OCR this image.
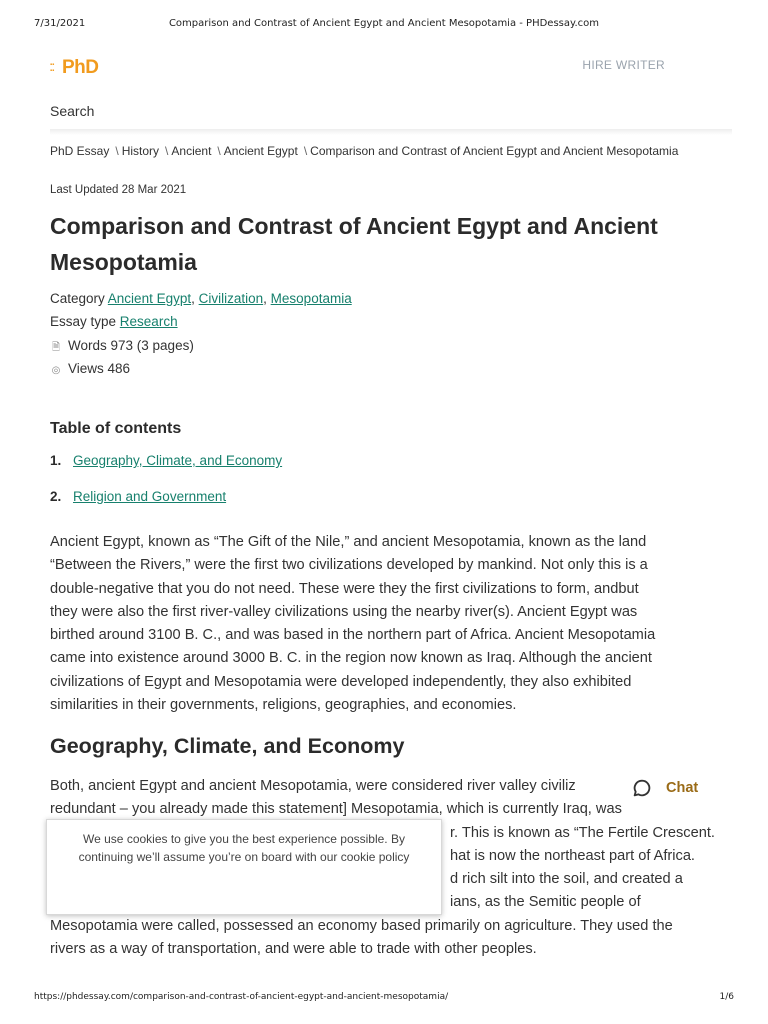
7/31/2021	Comparison and Contrast of Ancient Egypt and Ancient Mesopotamia - PHDessay.com
https://phdessay.com/comparison-and-contrast-of-ancient-egypt-and-ancient-mesopotamia/	1/6
▪▪
▪▪ PhD	HIRE WRITER
Search
PhD Essay \ History \ Ancient \ Ancient Egypt \ Comparison and Contrast of Ancient Egypt and Ancient Mesopotamia
Last Updated 28 Mar 2021
Comparison and Contrast of Ancient Egypt and Ancient Mesopotamia
Category Ancient Egypt, Civilization, Mesopotamia
Essay type Research
🗎 Words 973 (3 pages)
◎ Views 486
Table of contents
1. Geography, Climate, and Economy
2. Religion and Government
Ancient Egypt, known as “The Gift of the Nile,” and ancient Mesopotamia, known as the land
“Between the Rivers,” were the first two civilizations developed by mankind. Not only this is a
double-negative that you do not need. These were they the first civilizations to form, andbut
they were also the first river-valley civilizations using the nearby river(s). Ancient Egypt was
birthed around 3100 B. C., and was based in the northern part of Africa. Ancient Mesopotamia
came into existence around 3000 B. C. in the region now known as Iraq. Although the ancient
civilizations of Egypt and Mesopotamia were developed independently, they also exhibited
similarities in their governments, religions, geographies, and economies.
Geography, Climate, and Economy
Both, ancient Egypt and ancient Mesopotamia, were considered river valley civiliz
redundant – you already made this statement] Mesopotamia, which is currently Iraq, was
r. This is known as “The Fertile Crescent.
hat is now the northeast part of Africa.
d rich silt into the soil, and created a
ians, as the Semitic people of
Mesopotamia were called, possessed an economy based primarily on agriculture. They used the
rivers as a way of transportation, and were able to trade with other peoples.
Chat

We use cookies to give you the best experience possible. By continuing we’ll assume you’re on board with our cookie policy
